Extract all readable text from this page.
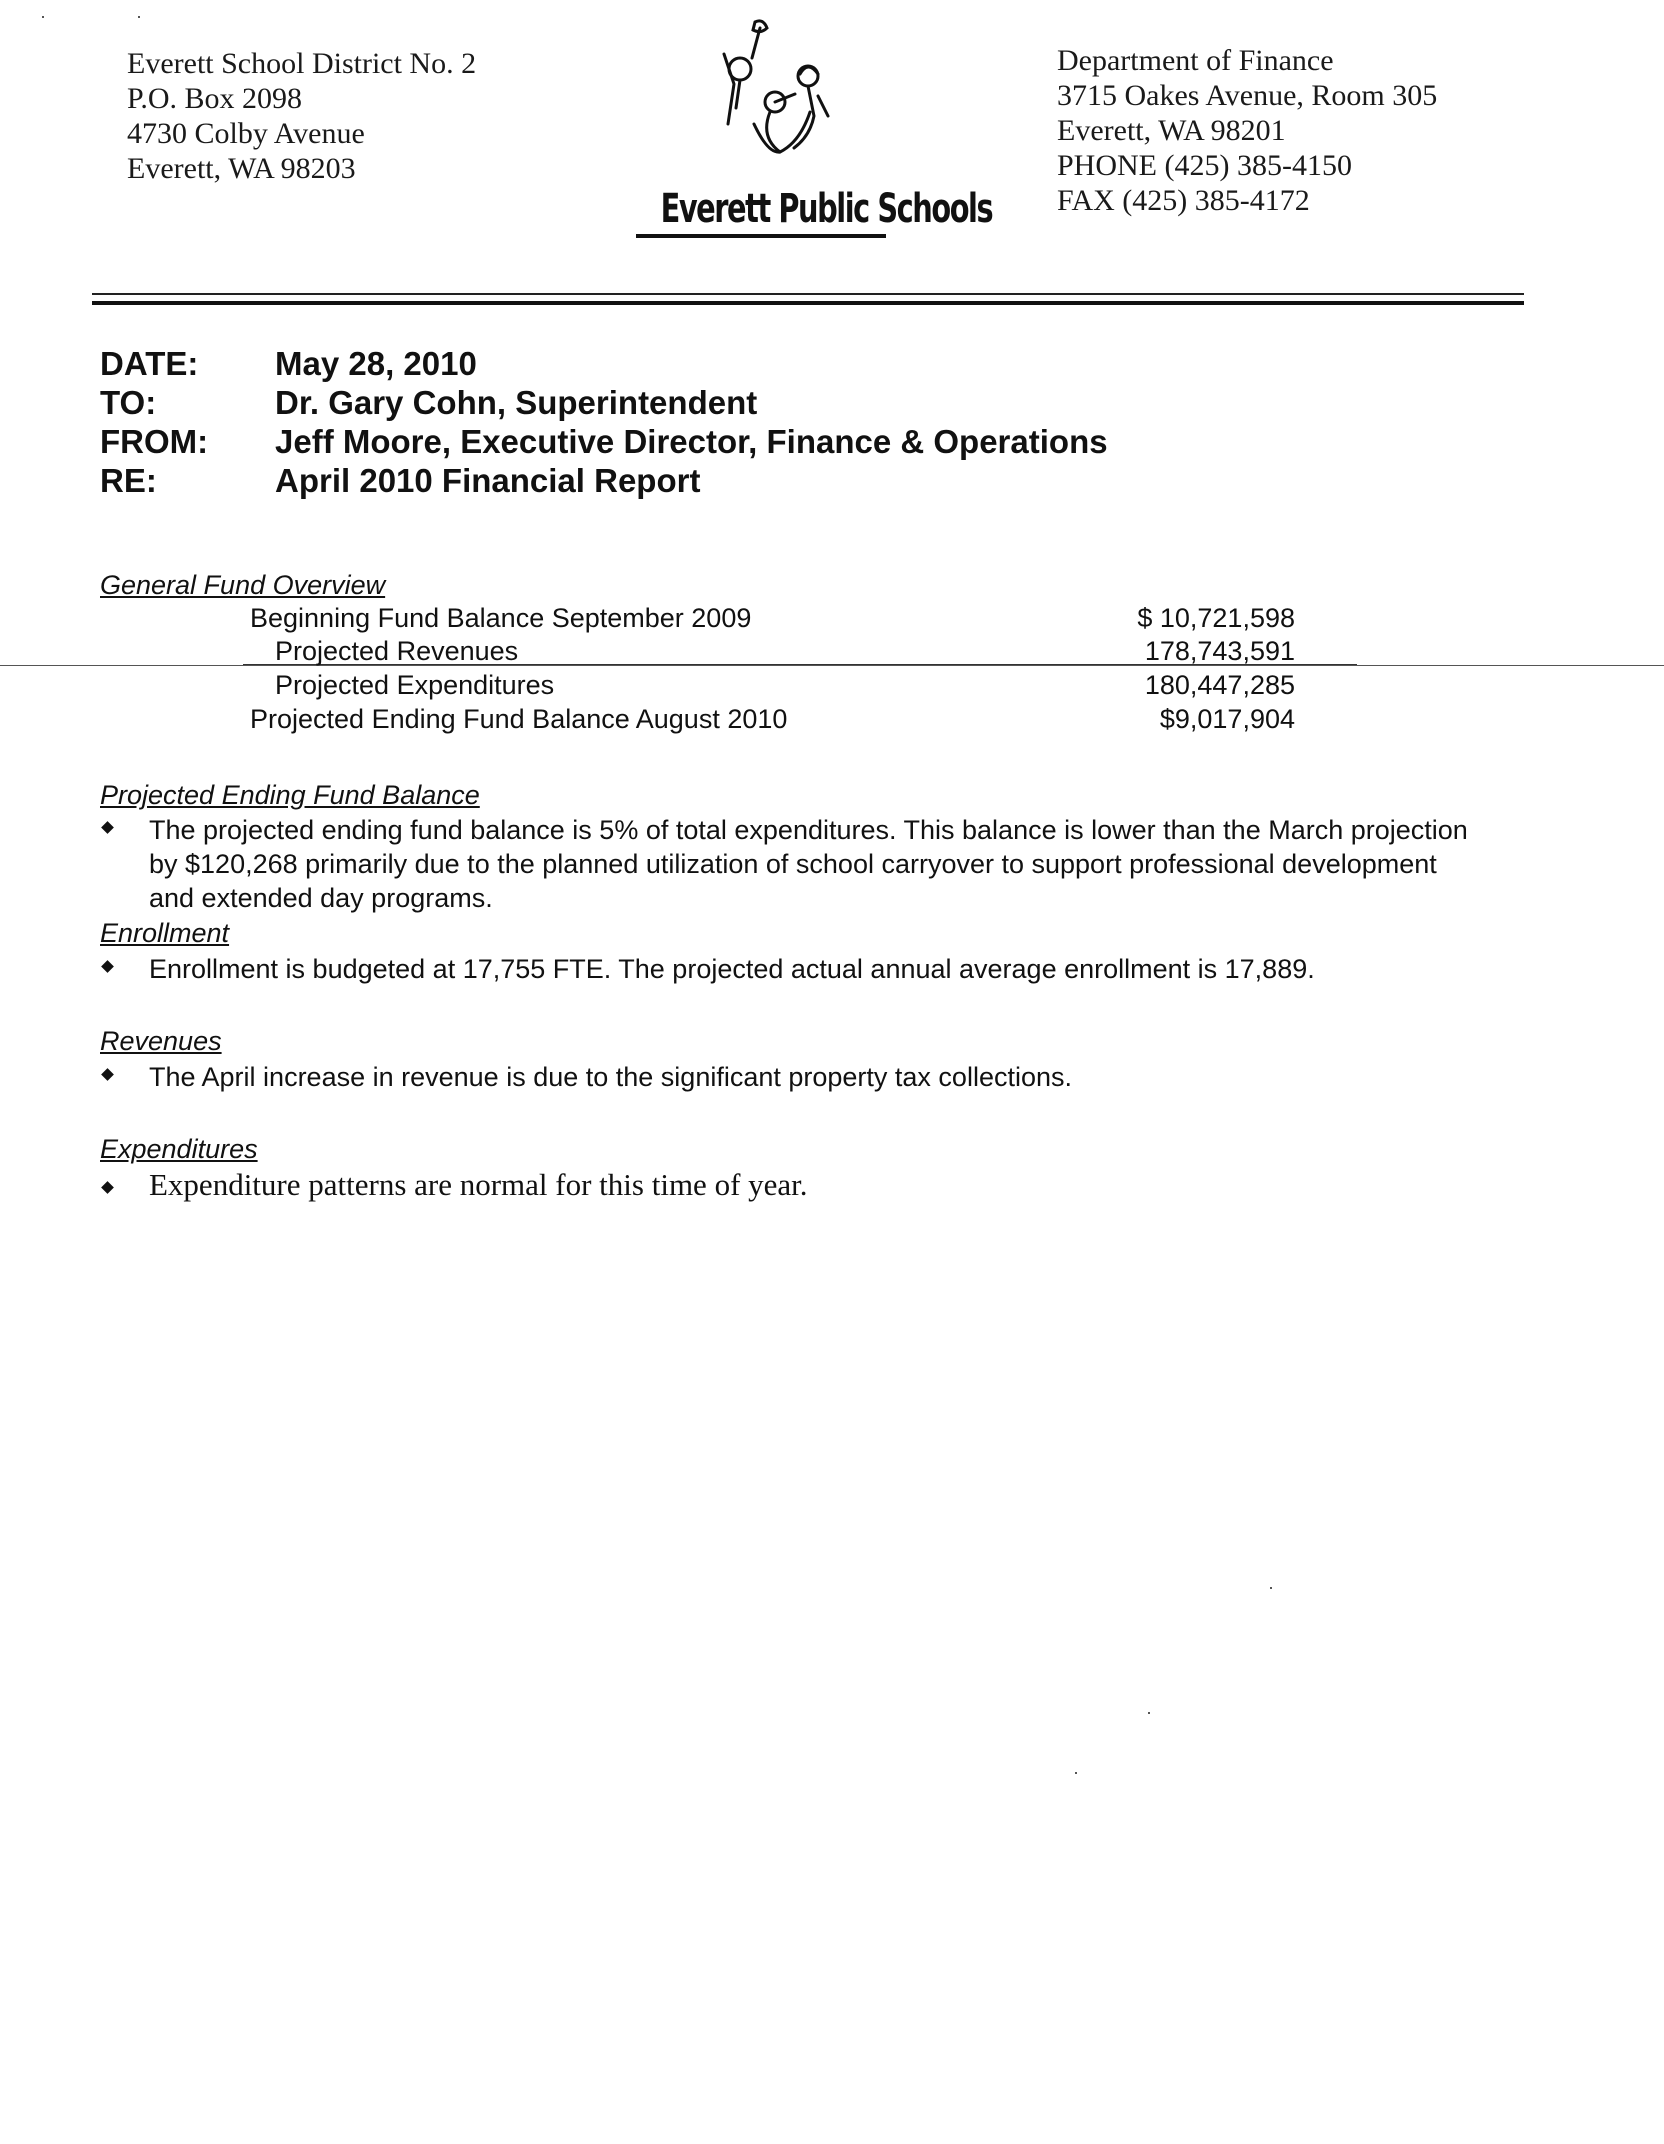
Everett School District No. 2
P.O. Box 2098
4730 Colby Avenue
Everett, WA 98203
Everett Public Schools
Department of Finance
3715 Oakes Avenue, Room 305
Everett, WA 98201
PHONE (425) 385-4150
FAX (425) 385-4172
DATE: May 28, 2010
TO:	Dr. Gary Cohn, Superintendent
FROM: Jeff Moore, Executive Director, Finance & Operations
RE:	April 2010 Financial Report
General Fund Overview
Beginning Fund Balance September 2009	$ 10,721,598
Projected Revenues	178,743,591
Projected Expenditures	180,447,285
Projected Ending Fund Balance August 2010	$9,017,904
Projected Ending Fund Balance
The projected ending fund balance is 5% of total expenditures. This balance is lower than the March projection
by $120,268 primarily due to the planned utilization of school carryover to support professional development
and extended day programs.
Enrollment
Enrollment is budgeted at 17,755 FTE. The projected actual annual average enrollment is 17,889.
Revenues
The April increase in revenue is due to the significant property tax collections.
Expenditures
Expenditure patterns are normal for this time of year.
